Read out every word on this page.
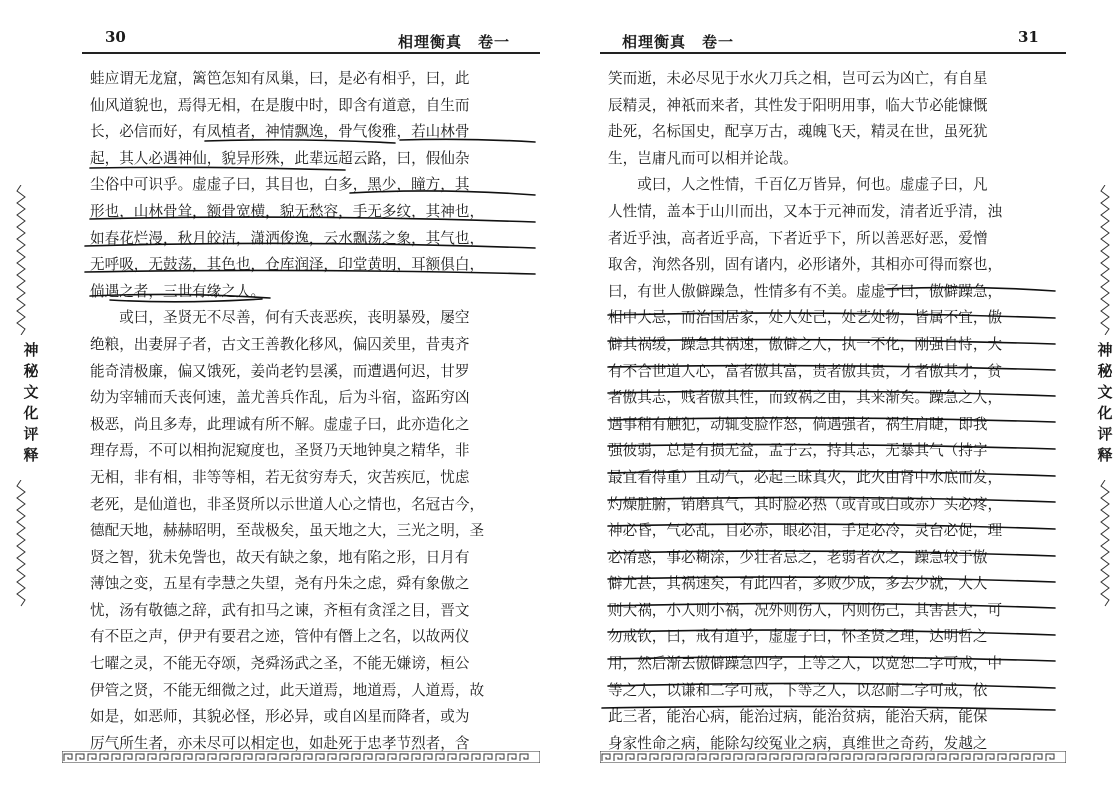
30	相理衡真　卷一
蛙应谓无龙窟，篱笆怎知有凤巢，曰，是必有相乎，曰，此
仙风道貌也，焉得无相，在是腹中时，即含有道意，自生而
长，必信而好，有凤植者，神情飘逸，骨气俊雅，若山林骨
起，其人必遇神仙，貌异形殊，此辈远超云路，曰，假仙杂
尘俗中可识乎。虚虚子曰，其目也，白多，黑少，瞳方，其
形也，山林骨耸，额骨宽横，貌无愁容，手无多纹，其神也，
如春花烂漫，秋月皎洁，潇洒俊逸，云水飘荡之象，其气也，
无呼吸，无鼓荡，其色也，仓库润泽，印堂黄明，耳额俱白，
倘遇之者，三世有缘之人。
　　或曰，圣贤无不尽善，何有夭丧恶疾，丧明暴殁，屡空
绝粮，出妻屏子者，古文王善教化移风，偏囚羑里，昔夷齐
能奇清极廉，偏又饿死，姜尚老钓昙溪，而遭遇何迟，甘罗
幼为宰辅而夭丧何速，盖尤善兵作乱，后为斗宿，盗跖穷凶
极恶，尚且多寿，此理诚有所不解。虚虚子曰，此亦造化之
理存焉，不可以相拘泥窥度也，圣贤乃天地钟臭之精华，非
无相，非有相，非等等相，若无贫穷寿夭，灾苦疾厄，忧虑
老死，是仙道也，非圣贤所以示世道人心之情也，名冠古今，
德配天地，赫赫昭明，至哉极矣，虽天地之大，三光之明，圣
贤之智，犹未免訾也，故天有缺之象，地有陷之形，日月有
薄蚀之变，五星有孛慧之失望，尧有丹朱之虑，舜有象傲之
忧，汤有敬德之辞，武有扣马之谏，齐桓有贪淫之目，晋文
有不臣之声，伊尹有要君之迹，管仲有僭上之名，以故两仪
七曜之灵，不能无夺颂，尧舜汤武之圣，不能无嫌谤，桓公
伊管之贤，不能无细微之过，此天道焉，地道焉，人道焉，故
如是，如恶师，其貌必怪，形必异，或自凶星而降者，或为
厉气所生者，亦未尽可以相定也，如赴死于忠孝节烈者，含
神
秘
文
化
评
释
相理衡真　卷一	31
笑而逝，未必尽见于水火刀兵之相，岂可云为凶亡，有自星
辰精灵，神祇而来者，其性发于阳明用事，临大节必能慷慨
赴死，名标国史，配享万古，魂魄飞天，精灵在世，虽死犹
生，岂庸凡而可以相并论哉。
　　或曰，人之性情，千百亿万皆异，何也。虚虚子曰，凡
人性情，盖本于山川而出，又本于元神而发，清者近乎清，浊
者近乎浊，高者近乎高，下者近乎下，所以善恶好恶，爱憎
取舍，洵然各别，固有诸内，必形诸外，其相亦可得而察也，
曰，有世人傲僻躁急，性情多有不美。虚虚子曰，傲僻躁急，
相中大忌，而治国居家，处人处己，处艺处物，皆属不宜，傲
僻其祸缓，躁急其祸速，傲僻之人，执一不化，刚强自恃，大
有不合世道人心，富者傲其富，贵者傲其贵，才者傲其才，贫
者傲其志，贱者傲其性，而致祸之由，其来渐矣。躁急之人，
遇事稍有触犯，动辄变脸作怒，倘遇强者，祸生肩睫，即我
强彼弱，总是有损无益，孟子云，持其志，无暴其气（持字
最宜看得重）且动气，必起三昧真火，此火由肾中水底而发，
灼燥脏腑，销磨真气，其时脸必热（或青或白或赤）头必疼，
神必昏，气必乱，目必赤，眼必泪，手足必冷，灵台必促，理
必淆惑，事必糊涂，少壮者忌之，老弱者次之，躁急较于傲
僻尤甚，其祸速矣，有此四者，多败少成，多去少就，大人
则大祸，小人则小祸，况外则伤人，内则伤己，其害甚大，可
勿戒钦，曰，戒有道乎，虚虚子曰，怀圣贤之理，达明哲之
用，然后渐去傲僻躁急四字，上等之人，以宽恕二字可戒，中
等之人，以谦和二字可戒，下等之人，以忍耐二字可戒，依
此三者，能治心病，能治过病，能治贫病，能治夭病，能保
身家性命之病，能除勾绞冤业之病，真维世之奇药，发越之
神
秘
文
化
评
释
